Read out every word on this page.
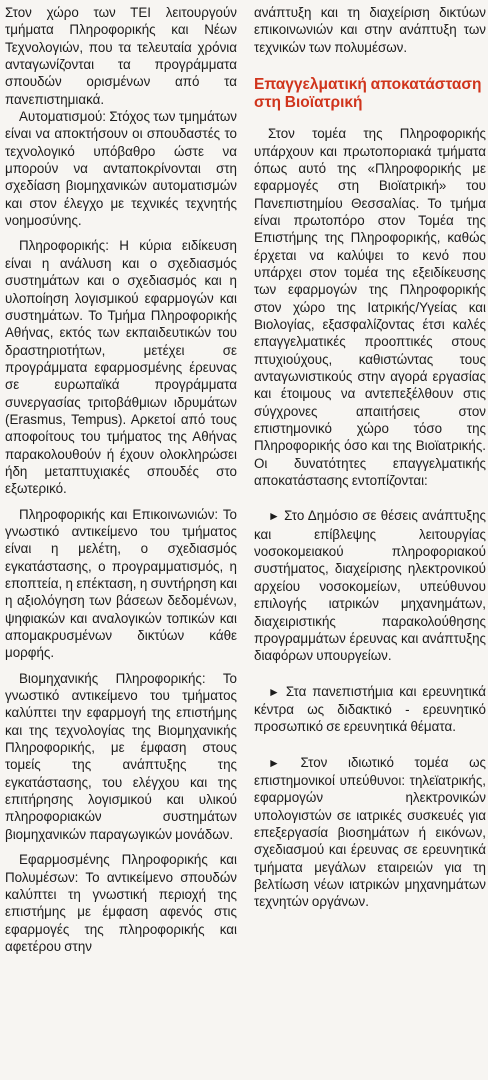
Στον χώρο των ΤΕΙ λειτουργούν τμήματα Πληροφορικής και Νέων Τεχνολογιών, που τα τελευταία χρόνια ανταγωνίζονται τα προγράμματα σπουδών ορισμένων από τα πανεπιστημιακά.

Αυτοματισμού: Στόχος των τμημάτων είναι να αποκτήσουν οι σπουδαστές το τεχνολογικό υπόβαθρο ώστε να μπορούν να ανταποκρίνονται στη σχεδίαση βιομηχανικών αυτοματισμών και στον έλεγχο με τεχνικές τεχνητής νοημοσύνης.

Πληροφορικής: Η κύρια ειδίκευση είναι η ανάλυση και ο σχεδιασμός συστημάτων και ο σχεδιασμός και η υλοποίηση λογισμικού εφαρμογών και συστημάτων. Το Τμήμα Πληροφορικής Αθήνας, εκτός των εκπαιδευτικών του δραστηριοτήτων, μετέχει σε προγράμματα εφαρμοσμένης έρευνας σε ευρωπαϊκά προγράμματα συνεργασίας τριτοβάθμιων ιδρυμάτων (Erasmus, Tempus). Αρκετοί από τους αποφοίτους του τμήματος της Αθήνας παρακολουθούν ή έχουν ολοκληρώσει ήδη μεταπτυχιακές σπουδές στο εξωτερικό.

Πληροφορικής και Επικοινωνιών: Το γνωστικό αντικείμενο του τμήματος είναι η μελέτη, ο σχεδιασμός εγκατάστασης, ο προγραμματισμός, η εποπτεία, η επέκταση, η συντήρηση και η αξιολόγηση των βάσεων δεδομένων, ψηφιακών και αναλογικών τοπικών και απομακρυσμένων δικτύων κάθε μορφής.

Βιομηχανικής Πληροφορικής: Το γνωστικό αντικείμενο του τμήματος καλύπτει την εφαρμογή της επιστήμης και της τεχνολογίας της Βιομηχανικής Πληροφορικής, με έμφαση στους τομείς της ανάπτυξης της εγκατάστασης, του ελέγχου και της επιτήρησης λογισμικού και υλικού πληροφοριακών συστημάτων βιομηχανικών παραγωγικών μονάδων.

Εφαρμοσμένης Πληροφορικής και Πολυμέσων: Το αντικείμενο σπουδών καλύπτει τη γνωστική περιοχή της επιστήμης με έμφαση αφενός στις εφαρμογές της πληροφορικής και αφετέρου στην

ανάπτυξη και τη διαχείριση δικτύων επικοινωνιών και στην ανάπτυξη των τεχνικών των πολυμέσων.

Επαγγελματική αποκατάσταση στη Βιοϊατρική

Στον τομέα της Πληροφορικής υπάρχουν και πρωτοποριακά τμήματα όπως αυτό της «Πληροφορικής με εφαρμογές στη Βιοϊατρική» του Πανεπιστημίου Θεσσαλίας. Το τμήμα είναι πρωτοπόρο στον Τομέα της Επιστήμης της Πληροφορικής, καθώς έρχεται να καλύψει το κενό που υπάρχει στον τομέα της εξειδίκευσης των εφαρμογών της Πληροφορικής στον χώρο της Ιατρικής/Υγείας και Βιολογίας, εξασφαλίζοντας έτσι καλές επαγγελματικές προοπτικές στους πτυχιούχους, καθιστώντας τους ανταγωνιστικούς στην αγορά εργασίας και έτοιμους να αντεπεξέλθουν στις σύγχρονες απαιτήσεις στον επιστημονικό χώρο τόσο της Πληροφορικής όσο και της Βιοϊατρικής. Οι δυνατότητες επαγγελματικής αποκατάστασης εντοπίζονται:

► Στο Δημόσιο σε θέσεις ανάπτυξης και επίβλεψης λειτουργίας νοσοκομειακού πληροφοριακού συστήματος, διαχείρισης ηλεκτρονικού αρχείου νοσοκομείων, υπεύθυνου επιλογής ιατρικών μηχανημάτων, διαχειριστικής παρακολούθησης προγραμμάτων έρευνας και ανάπτυξης διαφόρων υπουργείων.

► Στα πανεπιστήμια και ερευνητικά κέντρα ως διδακτικό - ερευνητικό προσωπικό σε ερευνητικά θέματα.

► Στον ιδιωτικό τομέα ως επιστημονικοί υπεύθυνοι: τηλεϊατρικής, εφαρμογών ηλεκτρονικών υπολογιστών σε ιατρικές συσκευές για επεξεργασία βιοσημάτων ή εικόνων, σχεδιασμού και έρευνας σε ερευνητικά τμήματα μεγάλων εταιρειών για τη βελτίωση νέων ιατρικών μηχανημάτων τεχνητών οργάνων.
